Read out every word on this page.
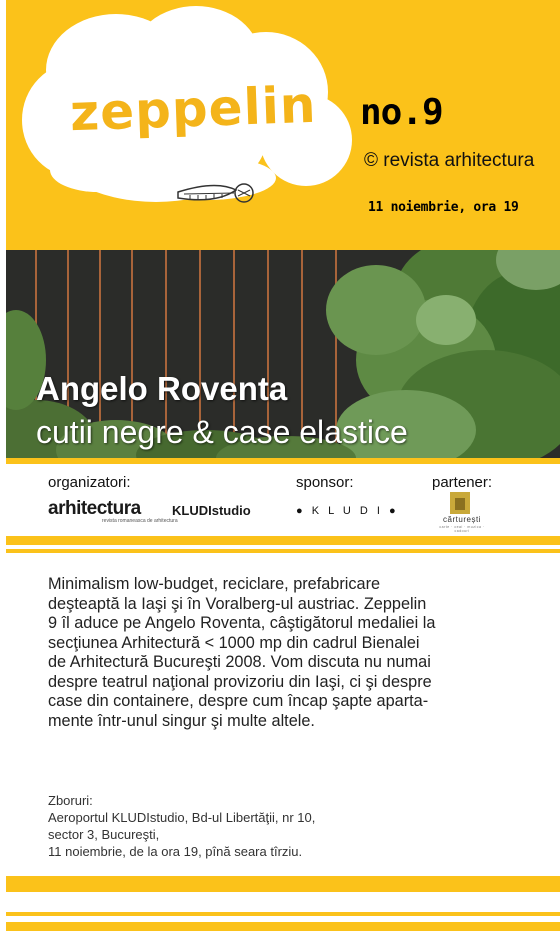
zeppelin no.9
© revista arhitectura
11 noiembrie, ora 19
Angelo Roventa
cutii negre & case elastice
organizatori:	sponsor:	partener:
arhitectura
revista romaneasca de arhitectura
KLUDIstudio	● K L U D I ●
cărturești
carte · ceai · muzica · cadouri
Minimalism low-budget, reciclare, prefabricare
deşteaptă la Iaşi şi în Voralberg-ul austriac. Zeppelin
9 îl aduce pe Angelo Roventa, câştigătorul medaliei la
secţiunea Arhitectură < 1000 mp din cadrul Bienalei
de Arhitectură Bucureşti 2008. Vom discuta nu numai
despre teatrul naţional provizoriu din Iaşi, ci şi despre
case din containere, despre cum încap şapte aparta-
mente într-unul singur şi multe altele.
Zboruri:
Aeroportul KLUDIstudio, Bd-ul Libertăţii, nr 10,
sector 3, Bucureşti,
11 noiembrie, de la ora 19, pînă seara tîrziu.
